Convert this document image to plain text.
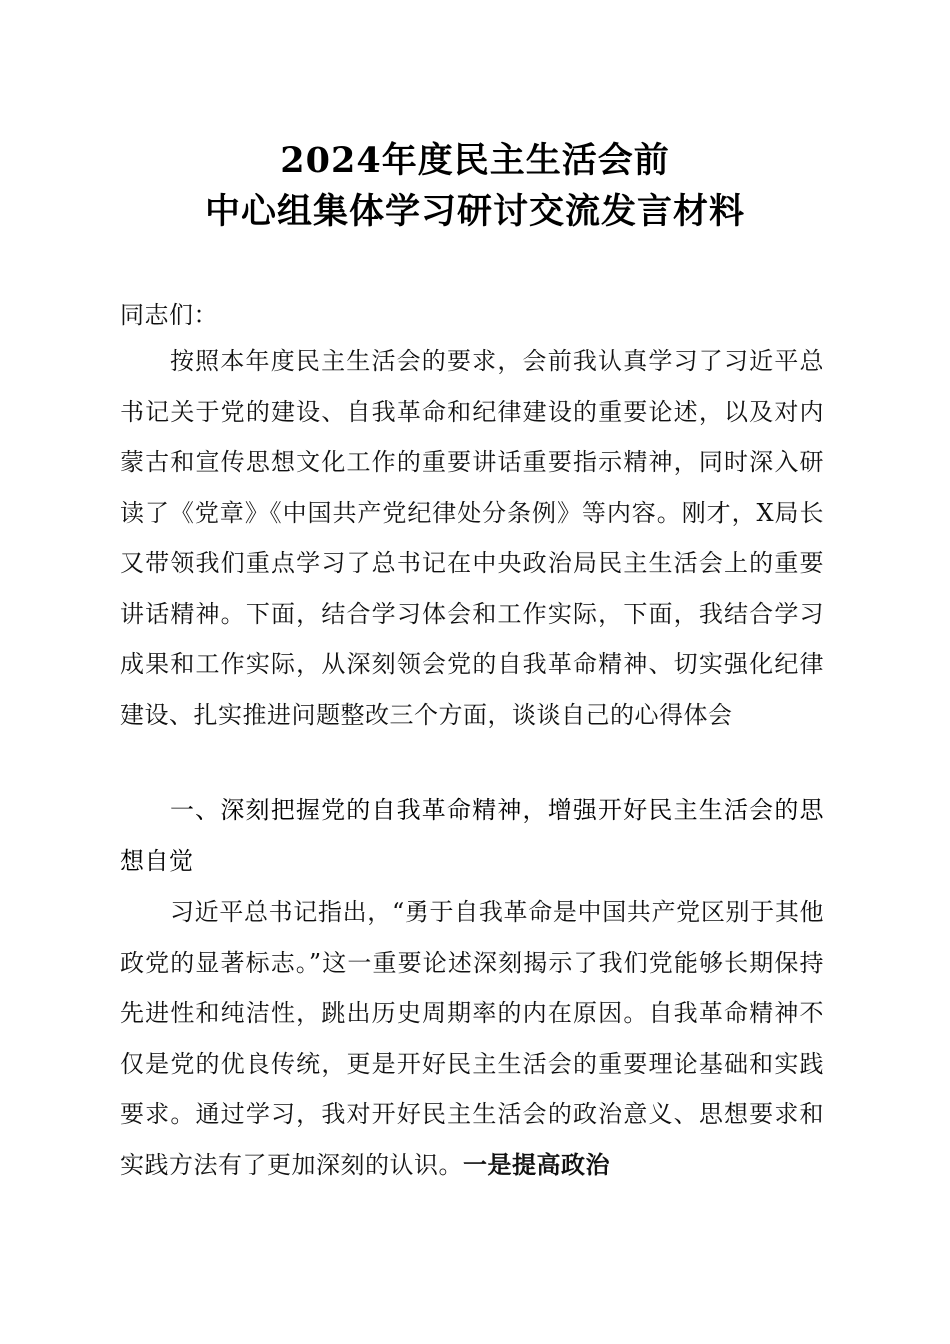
2024年度民主生活会前
中心组集体学习研讨交流发言材料
同志们：
按照本年度民主生活会的要求，会前我认真学习了习近平总书记关于党的建设、自我革命和纪律建设的重要论述，以及对内蒙古和宣传思想文化工作的重要讲话重要指示精神，同时深入研读了《党章》《中国共产党纪律处分条例》等内容。刚才，X局长又带领我们重点学习了总书记在中央政治局民主生活会上的重要讲话精神。下面，结合学习体会和工作实际，下面，我结合学习成果和工作实际，从深刻领会党的自我革命精神、切实强化纪律建设、扎实推进问题整改三个方面，谈谈自己的心得体会
一、深刻把握党的自我革命精神，增强开好民主生活会的思想自觉
习近平总书记指出，“勇于自我革命是中国共产党区别于其他政党的显著标志。”这一重要论述深刻揭示了我们党能够长期保持先进性和纯洁性，跳出历史周期率的内在原因。自我革命精神不仅是党的优良传统，更是开好民主生活会的重要理论基础和实践要求。通过学习，我对开好民主生活会的政治意义、思想要求和实践方法有了更加深刻的认识。一是提高政治
